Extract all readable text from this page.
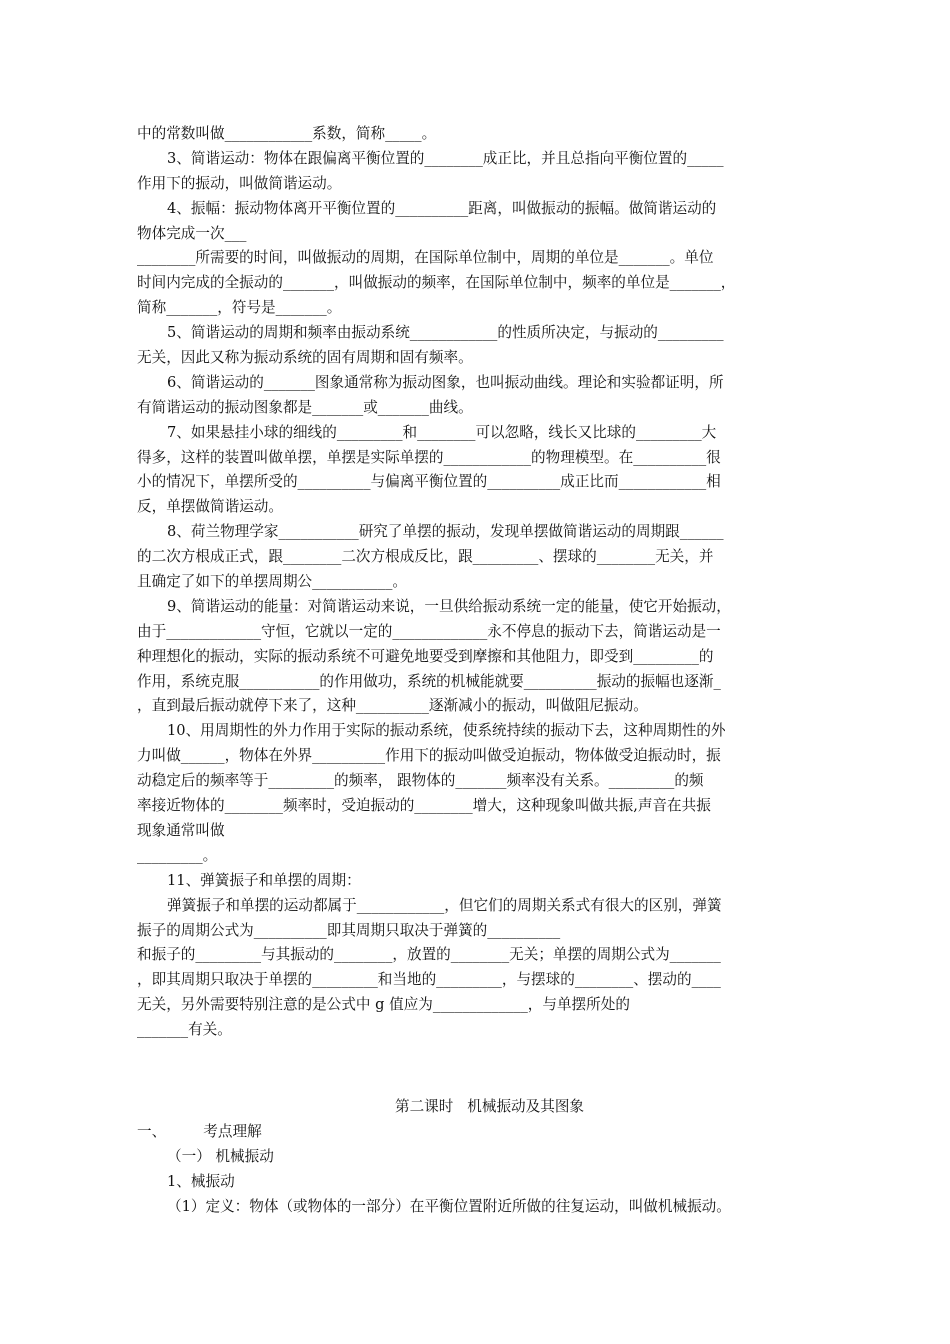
中的常数叫做____________系数，简称_____。
3、简谐运动：物体在跟偏离平衡位置的________成正比，并且总指向平衡位置的_____
作用下的振动，叫做简谐运动。
4、振幅：振动物体离开平衡位置的__________距离，叫做振动的振幅。做简谐运动的
物体完成一次___
________所需要的时间，叫做振动的周期，在国际单位制中，周期的单位是_______。单位
时间内完成的全振动的_______，叫做振动的频率，在国际单位制中，频率的单位是_______，
简称_______，符号是_______。
5、简谐运动的周期和频率由振动系统____________的性质所决定，与振动的_________
无关，因此又称为振动系统的固有周期和固有频率。
6、简谐运动的_______图象通常称为振动图象，也叫振动曲线。理论和实验都证明，所
有简谐运动的振动图象都是_______或_______曲线。
7、如果悬挂小球的细线的_________和________可以忽略，线长又比球的_________大
得多，这样的装置叫做单摆，单摆是实际单摆的____________的物理模型。在__________很
小的情况下，单摆所受的__________与偏离平衡位置的__________成正比而____________相
反，单摆做简谐运动。
8、荷兰物理学家___________研究了单摆的振动，发现单摆做简谐运动的周期跟______
的二次方根成正式，跟________二次方根成反比，跟_________、摆球的________无关，并
且确定了如下的单摆周期公___________。
9、简谐运动的能量：对简谐运动来说，一旦供给振动系统一定的能量，使它开始振动，
由于_____________守恒，它就以一定的_____________永不停息的振动下去，简谐运动是一
种理想化的振动，实际的振动系统不可避免地要受到摩擦和其他阻力，即受到_________的
作用，系统克服___________的作用做功，系统的机械能就要__________振动的振幅也逐渐_
，直到最后振动就停下来了，这种__________逐渐减小的振动，叫做阻尼振动。
10、用周期性的外力作用于实际的振动系统，使系统持续的振动下去，这种周期性的外
力叫做______，物体在外界__________作用下的振动叫做受迫振动，物体做受迫振动时，振
动稳定后的频率等于_________的频率， 跟物体的_______频率没有关系。_________的频
率接近物体的________频率时，受迫振动的________增大，这种现象叫做共振,声音在共振
现象通常叫做
_________。
11、弹簧振子和单摆的周期：
弹簧振子和单摆的运动都属于____________，但它们的周期关系式有很大的区别，弹簧
振子的周期公式为__________即其周期只取决于弹簧的__________
和振子的_________与其振动的________，放置的________无关；单摆的周期公式为_______
，即其周期只取决于单摆的_________和当地的_________，与摆球的________、摆动的____
无关，另外需要特别注意的是公式中 g 值应为_____________，与单摆所处的
_______有关。
第二课时   机械振动及其图象
一、        考点理解
（一） 机械振动
1、械振动
（1）定义：物体（或物体的一部分）在平衡位置附近所做的往复运动，叫做机械振动。
